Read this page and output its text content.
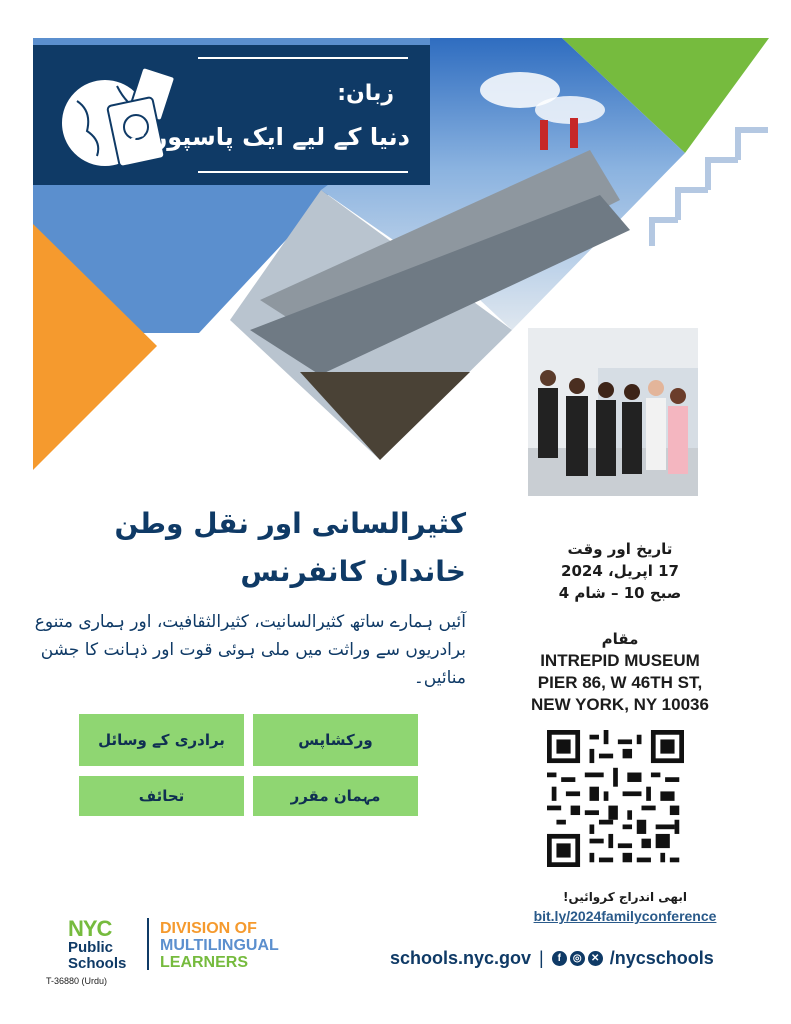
زبان:
دنیا کے لیے ایک پاسپورٹ
کثیرالسانی اور نقل وطن
خاندان کانفرنس
آئیں ہمارے ساتھ کثیرالسانیت، کثیرالثقافیت، اور ہماری متنوع برادریوں سے وراثت میں ملی ہوئی قوت اور ذہانت کا جشن منائیں۔
ورکشاپس
برادری کے وسائل
مہمان مقرر
تحائف
تاریخ اور وقت
17 اپریل، 2024
صبح 10 – شام 4
مقام
INTREPID MUSEUM
PIER 86, W 46TH ST,
NEW YORK, NY 10036
ابھی اندراج کروائیں!
bit.ly/2024familyconference
NYC
Public
Schools
DIVISION OF
MULTILINGUAL
LEARNERS
T-36880 (Urdu)
schools.nyc.gov |	f	◎ ✕ /nycschools
